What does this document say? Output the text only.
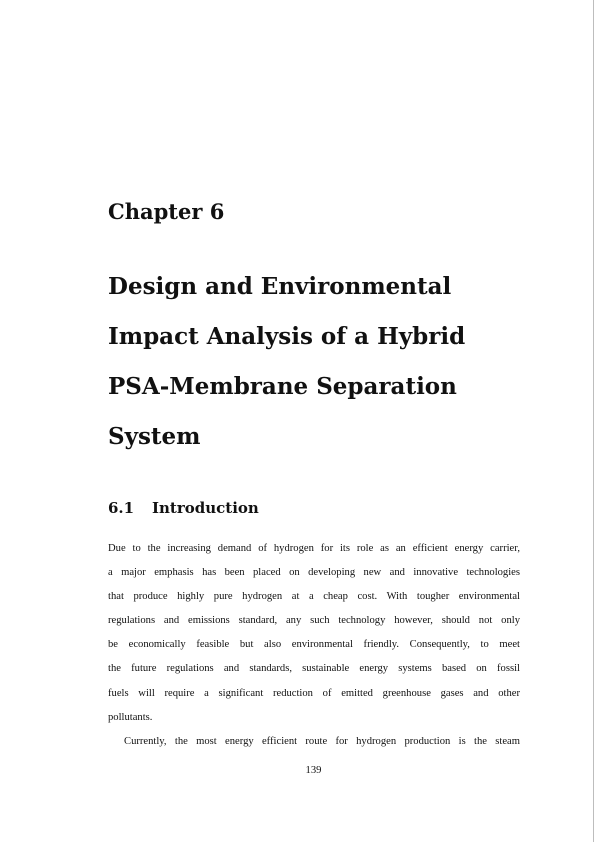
Chapter 6
Design and Environmental
Impact Analysis of a Hybrid
PSA-Membrane Separation
System
6.1 Introduction
Due to the increasing demand of hydrogen for its role as an efficient energy carrier,
a major emphasis has been placed on developing new and innovative technologies
that produce highly pure hydrogen at a cheap cost. With tougher environmental
regulations and emissions standard, any such technology however, should not only
be economically feasible but also environmental friendly. Consequently, to meet
the future regulations and standards, sustainable energy systems based on fossil
fuels will require a significant reduction of emitted greenhouse gases and other
pollutants.
Currently, the most energy efficient route for hydrogen production is the steam
139
